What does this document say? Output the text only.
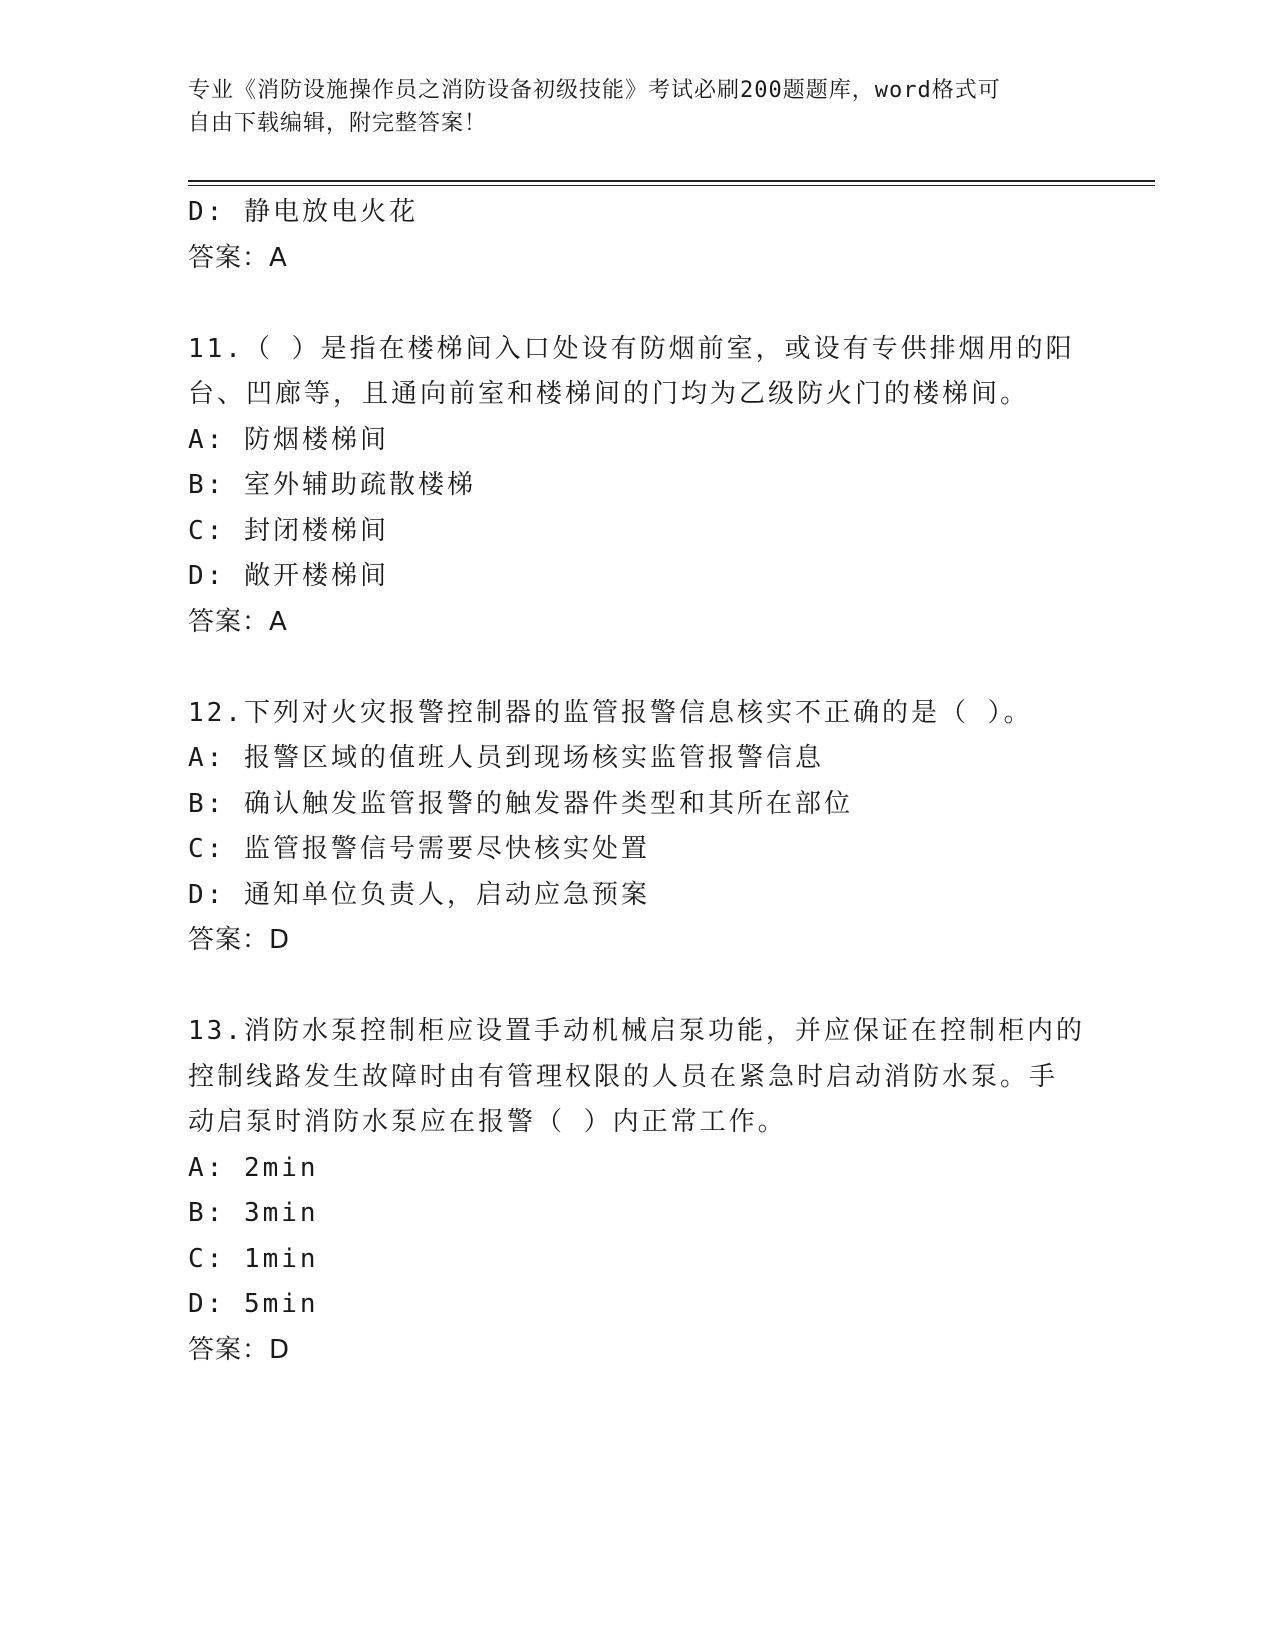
专业《消防设施操作员之消防设备初级技能》考试必刷200题题库，word格式可
自由下载编辑，附完整答案！
D: 静电放电火花
答案：A
11.（ ）是指在楼梯间入口处设有防烟前室，或设有专供排烟用的阳
台、凹廊等，且通向前室和楼梯间的门均为乙级防火门的楼梯间。
A: 防烟楼梯间
B: 室外辅助疏散楼梯
C: 封闭楼梯间
D: 敞开楼梯间
答案：A
12.下列对火灾报警控制器的监管报警信息核实不正确的是（ ）。
A: 报警区域的值班人员到现场核实监管报警信息
B: 确认触发监管报警的触发器件类型和其所在部位
C: 监管报警信号需要尽快核实处置
D: 通知单位负责人，启动应急预案
答案：D
13.消防水泵控制柜应设置手动机械启泵功能，并应保证在控制柜内的
控制线路发生故障时由有管理权限的人员在紧急时启动消防水泵。手
动启泵时消防水泵应在报警（ ）内正常工作。
A: 2min
B: 3min
C: 1min
D: 5min
答案：D
